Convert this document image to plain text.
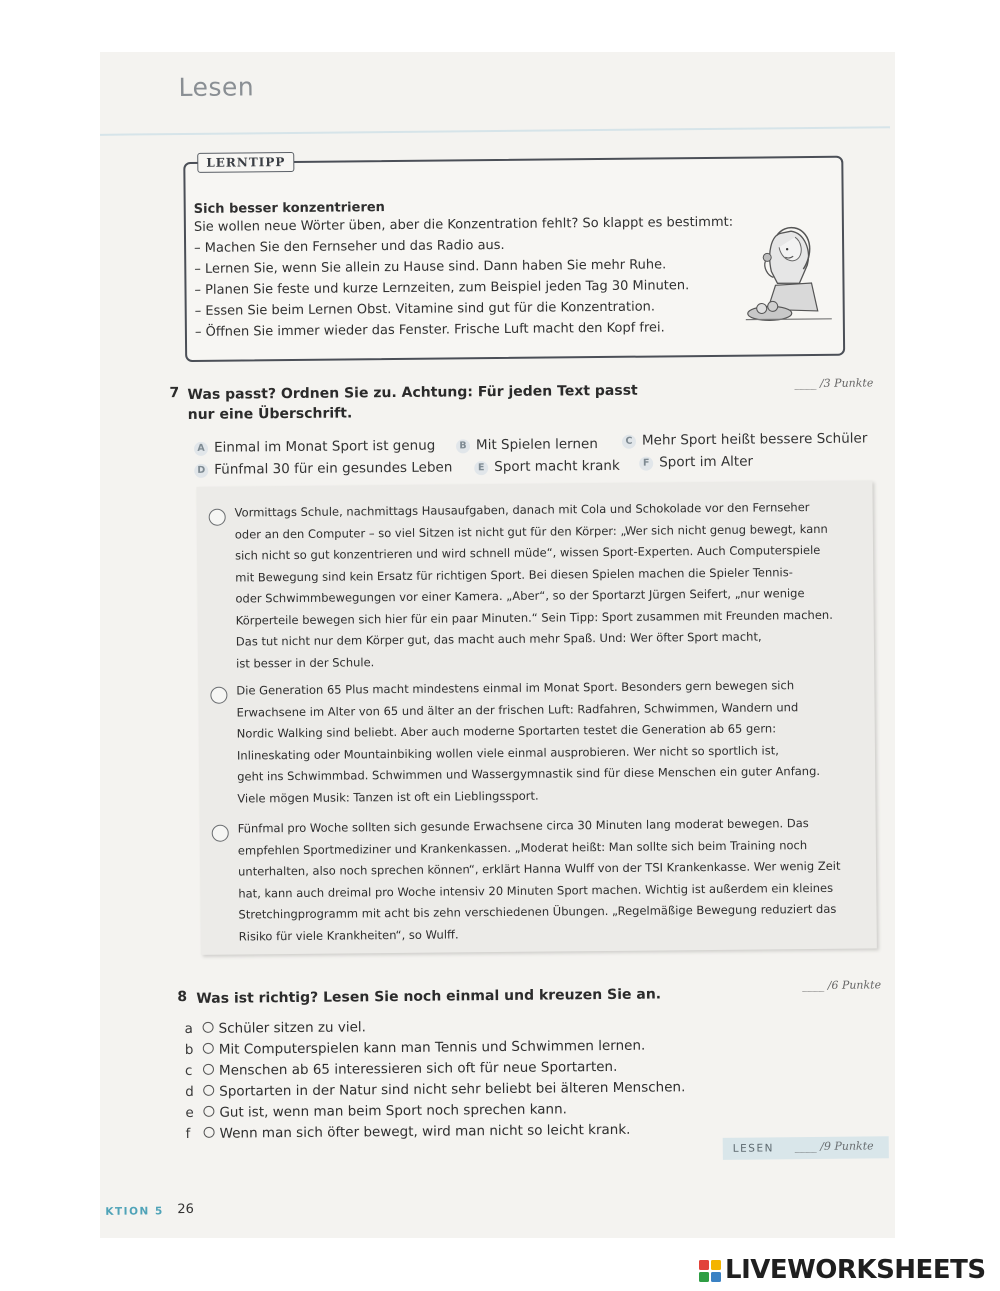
Lesen
LERNTIPP
Sich besser konzentrieren
Sie wollen neue Wörter üben, aber die Konzentration fehlt? So klappt es bestimmt:
– Machen Sie den Fernseher und das Radio aus.
– Lernen Sie, wenn Sie allein zu Hause sind. Dann haben Sie mehr Ruhe.
– Planen Sie feste und kurze Lernzeiten, zum Beispiel jeden Tag 30 Minuten.
– Essen Sie beim Lernen Obst. Vitamine sind gut für die Konzentration.
– Öffnen Sie immer wieder das Fenster. Frische Luft macht den Kopf frei.
7 Was passt? Ordnen Sie zu. Achtung: Für jeden Text passt
nur eine Überschrift.
____ /3 Punkte
A Einmal im Monat Sport ist genug	B Mit Spielen lernen	C Mehr Sport heißt bessere Schüler
D Fünfmal 30 für ein gesundes Leben	E Sport macht krank	F Sport im Alter
Vormittags Schule, nachmittags Hausaufgaben, danach mit Cola und Schokolade vor den Fernseher
oder an den Computer – so viel Sitzen ist nicht gut für den Körper: „Wer sich nicht genug bewegt, kann
sich nicht so gut konzentrieren und wird schnell müde“, wissen Sport-Experten. Auch Computerspiele
mit Bewegung sind kein Ersatz für richtigen Sport. Bei diesen Spielen machen die Spieler Tennis-
oder Schwimmbewegungen vor einer Kamera. „Aber“, so der Sportarzt Jürgen Seifert, „nur wenige
Körperteile bewegen sich hier für ein paar Minuten.“ Sein Tipp: Sport zusammen mit Freunden machen.
Das tut nicht nur dem Körper gut, das macht auch mehr Spaß. Und: Wer öfter Sport macht,
ist besser in der Schule.
Die Generation 65 Plus macht mindestens einmal im Monat Sport. Besonders gern bewegen sich
Erwachsene im Alter von 65 und älter an der frischen Luft: Radfahren, Schwimmen, Wandern und
Nordic Walking sind beliebt. Aber auch moderne Sportarten testet die Generation ab 65 gern:
Inlineskating oder Mountainbiking wollen viele einmal ausprobieren. Wer nicht so sportlich ist,
geht ins Schwimmbad. Schwimmen und Wassergymnastik sind für diese Menschen ein guter Anfang.
Viele mögen Musik: Tanzen ist oft ein Lieblingssport.
Fünfmal pro Woche sollten sich gesunde Erwachsene circa 30 Minuten lang moderat bewegen. Das
empfehlen Sportmediziner und Krankenkassen. „Moderat heißt: Man sollte sich beim Training noch
unterhalten, also noch sprechen können“, erklärt Hanna Wulff von der TSI Krankenkasse. Wer wenig Zeit
hat, kann auch dreimal pro Woche intensiv 20 Minuten Sport machen. Wichtig ist außerdem ein kleines
Stretchingprogramm mit acht bis zehn verschiedenen Übungen. „Regelmäßige Bewegung reduziert das
Risiko für viele Krankheiten“, so Wulff.
8 Was ist richtig? Lesen Sie noch einmal und kreuzen Sie an.
____ /6 Punkte
a Schüler sitzen zu viel.
b Mit Computerspielen kann man Tennis und Schwimmen lernen.
c Menschen ab 65 interessieren sich oft für neue Sportarten.
d Sportarten in der Natur sind nicht sehr beliebt bei älteren Menschen.
e Gut ist, wenn man beim Sport noch sprechen kann.
f Wenn man sich öfter bewegt, wird man nicht so leicht krank.
LESEN ____ /9 Punkte
KTION 5 26
LIVEWORKSHEETS
